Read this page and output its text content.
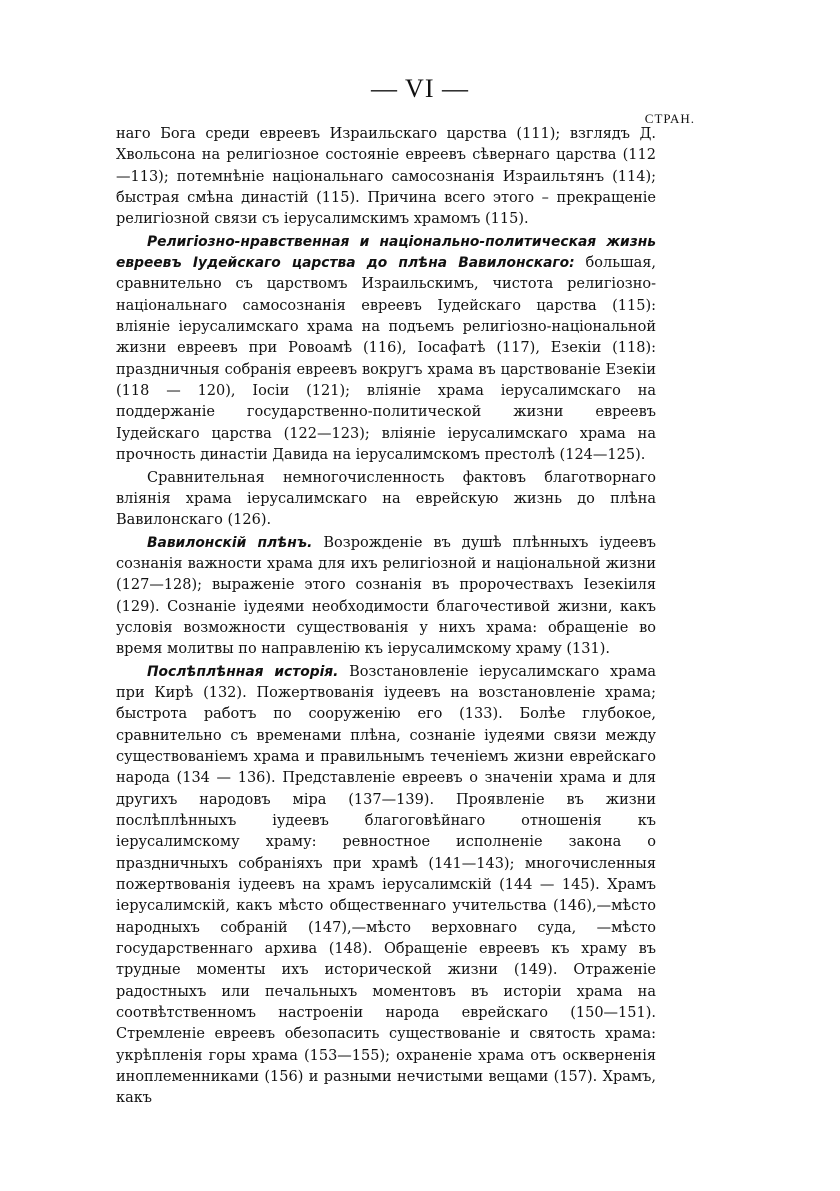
— VI —
СТРАН.

наго Бога среди евреевъ Израильскаго царства (111); взглядъ Д. Хвольсона на религіозное состояніе евреевъ сѣвернаго царства (112—113); потемнѣніе національнаго самосознанія Израильтянъ (114); быстрая смѣна династій (115). Причина всего этого – прекращеніе религіозной связи съ іерусалимскимъ храмомъ (115).

Религіозно-нравственная и національно-политическая жизнь евреевъ Іудейскаго царства до плѣна Вавилонскаго: большая, сравнительно съ царствомъ Израильскимъ, чистота религіозно-національнаго самосознанія евреевъ Іудейскаго царства (115): вліяніе іерусалимскаго храма на подъемъ религіозно-національной жизни евреевъ при Ровоамѣ (116), Іосафатѣ (117), Езекіи (118): праздничныя собранія евреевъ вокругъ храма въ царствованіе Езекіи (118 — 120), Іосіи (121); вліяніе храма іерусалимскаго на поддержаніе государственно-политической жизни евреевъ Іудейскаго царства (122—123); вліяніе іерусалимскаго храма на прочность династіи Давида на іерусалимскомъ престолѣ (124—125).

Сравнительная немногочисленность фактовъ благотворнаго вліянія храма іерусалимскаго на еврейскую жизнь до плѣна Вавилонскаго (126).

Вавилонскій плѣнъ. Возрожденіе въ душѣ плѣнныхъ іудеевъ сознанія важности храма для ихъ религіозной и національной жизни (127—128); выраженіе этого сознанія въ пророчествахъ Іезекіиля (129). Сознаніе іудеями необходимости благочестивой жизни, какъ условія возможности существованія у нихъ храма: обращеніе во время молитвы по направленію къ іерусалимскому храму (131).

Послѣплѣнная исторія. Возстановленіе іерусалимскаго храма при Кирѣ (132). Пожертвованія іудеевъ на возстановленіе храма; быстрота работъ по сооруженію его (133). Болѣе глубокое, сравнительно съ временами плѣна, сознаніе іудеями связи между существованіемъ храма и правильнымъ теченіемъ жизни еврейскаго народа (134 — 136). Представленіе евреевъ о значеніи храма и для другихъ народовъ міра (137—139). Проявленіе въ жизни послѣплѣнныхъ іудеевъ благоговѣйнаго отношенія къ іерусалимскому храму: ревностное исполненіе закона о праздничныхъ собраніяхъ при храмѣ (141—143); многочисленныя пожертвованія іудеевъ на храмъ іерусалимскій (144 — 145). Храмъ іерусалимскій, какъ мѣсто общественнаго учительства (146),—мѣсто народныхъ собраній (147),—мѣсто верховнаго суда, —мѣсто государственнаго архива (148). Обращеніе евреевъ къ храму въ трудные моменты ихъ исторической жизни (149). Отраженіе радостныхъ или печальныхъ моментовъ въ исторіи храма на соотвѣтственномъ настроеніи народа еврейскаго (150—151). Стремленіе евреевъ обезопасить существованіе и святость храма: укрѣпленія горы храма (153—155); охраненіе храма отъ оскверненія иноплеменниками (156) и разными нечистыми вещами (157). Храмъ, какъ
